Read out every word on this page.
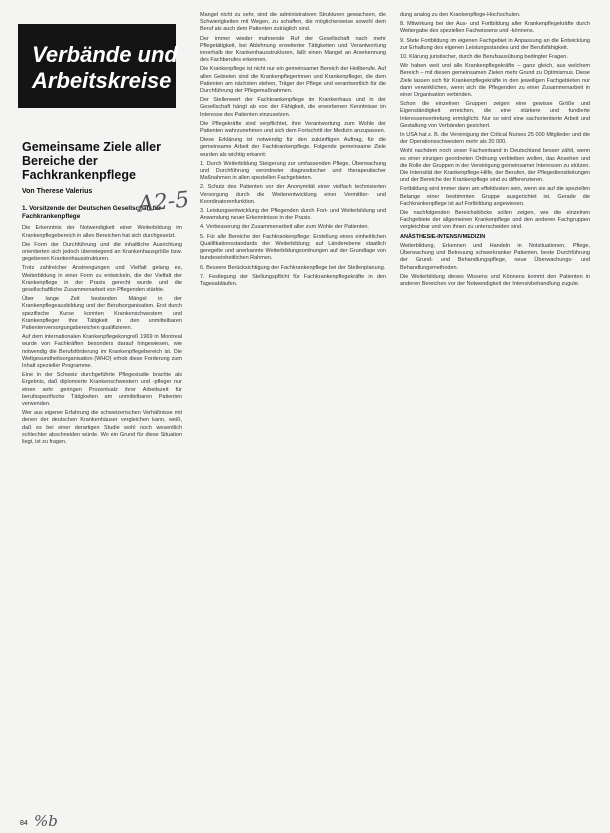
Verbände und
Arbeitskreise
Gemeinsame Ziele aller Bereiche der Fachkrankenpflege
Von Therese Valerius
1. Vorsitzende der Deutschen Gesellschaft für Fachkrankenpflege

Die Erkenntnis der Notwendigkeit einer Weiterbildung im Krankenpflegebereich in allen Bereichen hat sich durchgesetzt.

Die Form der Durchführung und die inhaltliche Ausrichtung orientierten sich jedoch überwiegend an Krankenhausgröße bzw. gegebenen Krankenhausstrukturen.

Trotz zahlreicher Anstrengungen und Vielfalt gelang es, Weiterbildung in einer Form zu entwickeln, die der Vielfalt der Krankenpflege in der Praxis gerecht wurde und die gesellschaftliche Zusammenarbeit von Pflegenden stärkte.

Über lange Zeit bestanden Mängel in der Krankenpflegeausbildung und der Berufsorganisation. Erst durch spezifische Kurse konnten Krankenschwestern und Krankenpfleger ihre Tätigkeit in den unmittelbaren Patientenversorgungsbereichen qualifizieren.

Auf dem internationalen Krankenpflegekongreß 1969 in Montreal wurde von Fachkräften besonders darauf hingewiesen, wie notwendig die Berufsförderung im Krankenpflegebereich ist. Die Weltgesundheitsorganisation (WHO) erhob diese Forderung zum Inhalt spezieller Programme.

Eine in der Schweiz durchgeführte Pflegestudie brachte als Ergebnis, daß diplomierte Krankenschwestern und -pfleger nur einen sehr geringen Prozentsatz ihrer Arbeitszeit für berufsspezifische Tätigkeiten am unmittelbaren Patienten verwenden.

Wer aus eigener Erfahrung die schweizerischen Verhältnisse mit denen der deutschen Krankenhäuser vergleichen kann, weiß, daß es bei einer derartigen Studie wohl noch wesentlich schlechter abschneiden würde. Wo ein Grund für diese Situation liegt, ist zu fragen.

A2-5

Mangel nicht zu sehr, sind die administrativen Strukturen gewachsen, die Schwierigkeiten mit Wegen, zu schaffen, die möglicherweise sowohl dem Beruf als auch dem Patienten zuträglich sind.

Der immer wieder mahnende Ruf der Gesellschaft nach mehr Pflegetätigkeit, bei Ablehnung erweiterter Tätigkeiten und Verantwortung innerhalb der Krankenhausstrukturen, läßt einen Mangel an Anerkennung des Fachberufes erkennen.

Die Krankenpflege ist nicht nur ein gemeinsamer Bereich der Heilberufe. Auf allen Gebieten sind die Krankenpflegerinnen und Krankenpfleger, die dem Patienten am nächsten stehen, Träger der Pflege und verantwortlich für die Durchführung der Pflegemaßnahmen.

Der Stellenwert der Fachkrankenpflege im Krankenhaus und in der Gesellschaft hängt ab von der Fähigkeit, die erworbenen Kenntnisse im Interesse des Patienten einzusetzen.

Die Pflegekräfte sind verpflichtet, ihre Verantwortung zum Wohle der Patienten wahrzunehmen und sich dem Fortschritt der Medizin anzupassen.

Diese Erklärung ist notwendig für den zukünftigen Auftrag, für die gemeinsame Arbeit der Fachkrankenpflege. Folgende gemeinsame Ziele wurden als wichtig erkannt:

1. Durch Weiterbildung Steigerung zur umfassenden Pflege, Überwachung und Durchführung verordneter diagnostischer und therapeutischer Maßnahmen in allen speziellen Fachgebieten.

2. Schutz des Patienten vor der Anonymität einer vielfach technisierten Versorgung durch die Weiterentwicklung einer Vermittler- und Koordinatorenfunktion.

3. Leistungsentwicklung der Pflegenden durch Fort- und Weiterbildung und Anwendung neuer Erkenntnisse in der Praxis.

4. Verbesserung der Zusammenarbeit aller zum Wohle der Patienten.

5. Für alle Bereiche der Fachkrankenpflege: Erstellung eines einheitlichen Qualifikationsstandards der Weiterbildung; auf Länderebene staatlich geregelte und anerkannte Weiterbildungsordnungen auf der Grundlage von bundeseinheitlichen Rahmen.

6. Bessere Berücksichtigung der Fachkrankenpflege bei der Stellenplanung.

7. Festlegung der Stellungspflicht für Fachkrankenpflegekräfte in den Tagesabläufen.

dung analog zu den Krankenpflege-Hochschulen.

8. Mitwirkung bei der Aus- und Fortbildung aller Krankenpflegekräfte durch Weitergabe des speziellen Fachwissens und -könnens.

9. Stete Fortbildung im eigenen Fachgebiet in Anpassung an die Entwicklung zur Erhaltung des eigenen Leistungsstandes und der Berufsfähigkeit.

10. Klärung juristischer, durch die Berufsausübung bedingter Fragen.

Wir haben weit und alle Krankenpflegekräfte – ganz gleich, aus welchem Bereich – mit diesen gemeinsamen Zielen mehr Grund zu Optimismus. Diese Ziele lassen sich für Krankenpflegekräfte in den jeweiligen Fachgebieten nur dann verwirklichen, wenn sich die Pflegenden zu einer Zusammenarbeit in einer Organisation verbinden.

Schon die einzelnen Gruppen zeigen eine gewisse Größe und Eigenständigkeit erreichen, die eine stärkere und fundierte Interessenvertretung ermöglicht. Nur so wird eine sachorientierte Arbeit und Gestaltung von Verbänden gesichert.

In USA hat z. B. die Vereinigung der Critical Nurses 25 000 Mitglieder und die der Operationsschwestern mehr als 20 000.

Wohl nachdem noch unser Fachverband in Deutschland besser zählt, wenn es einer einzigen geordneten Ordnung verbleiben wollen, das Ansehen und die Rolle der Gruppen in der Vereinigung gemeinsamer Interessen zu stützen. Die Intensität der Krankenpflege-Hilfe, der Berufen, der Pflegedienstleitungen und der Bereiche der Krankenpflege sind zu differenzieren.

Fortbildung wird immer dann am effektivsten sein, wenn sie auf die speziellen Belange einer bestimmten Gruppe ausgerichtet ist. Gerade die Fachkrankenpflege ist auf Fortbildung angewiesen.

Die nachfolgenden Bereichsblöcke sollen zeigen, wie die einzelnen Fachgebiete der allgemeinen Krankenpflege und den anderen Fachgruppen vergleichbar und von ihnen zu unterscheiden sind.

ANÄSTHESIE-INTENSIVMEDIZIN

Weiterbildung, Erkennen und Handeln in Notsituationen, Pflege, Überwachung und Betreuung schwerkranker Patienten, beste Durchführung der Grund- und Behandlungspflege, neue Überwachungs- und Behandlungsmethoden.

Die Weiterbildung dieses Wissens und Könnens kommt den Patienten in anderen Bereichen vor der Notwendigkeit der Intensivbehandlung zugute.

84 %b
